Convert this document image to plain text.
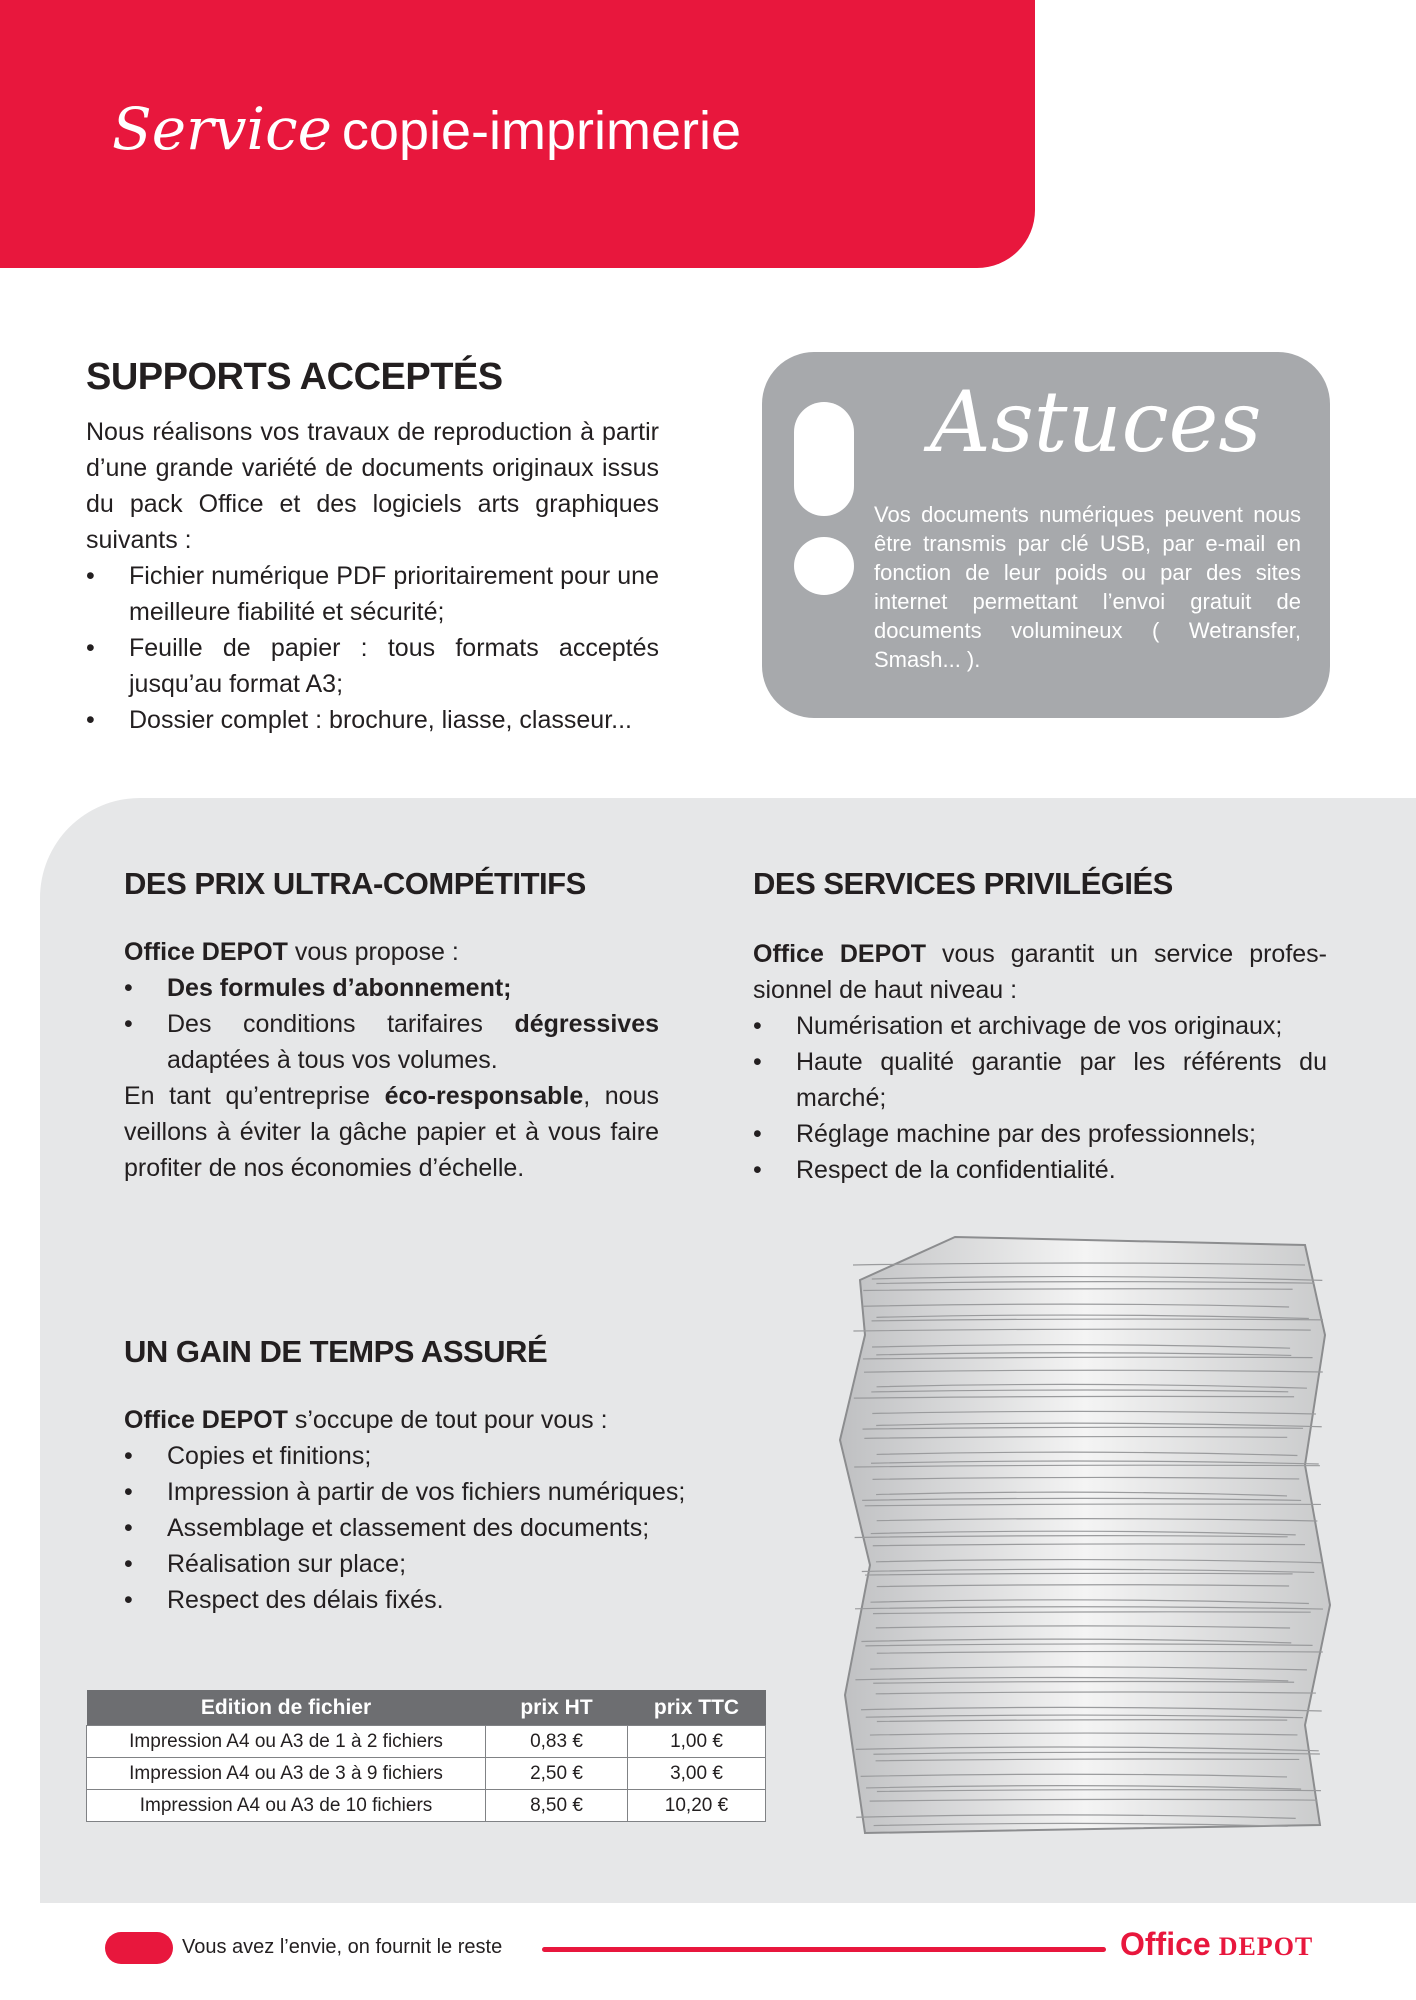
Service copie-imprimerie
SUPPORTS ACCEPTÉS
Nous réalisons vos travaux de reproduction à partir d’une grande variété de documents originaux issus du pack Office et des logiciels arts graphiques suivants :
• Fichier numérique PDF prioritairement pour une meilleure fiabilité et sécurité;
• Feuille de papier : tous formats acceptés jusqu’au format A3;
• Dossier complet : brochure, liasse, classeur...
Astuces
Vos documents numériques peuvent nous être transmis par clé USB, par e-mail en fonction de leur poids ou par des sites internet permettant l’envoi gratuit de documents volumineux ( Wetransfer, Smash... ).
DES PRIX ULTRA-COMPÉTITIFS
Office DEPOT vous propose :
• Des formules d’abonnement;
• Des conditions tarifaires dégressives adaptées à tous vos volumes.
En tant qu’entreprise éco-responsable, nous veillons à éviter la gâche papier et à vous faire profiter de nos économies d’échelle.
DES SERVICES PRIVILÉGIÉS
Office DEPOT vous garantit un service professionnel de haut niveau :
• Numérisation et archivage de vos originaux;
• Haute qualité garantie par les référents du marché;
• Réglage machine par des professionnels;
• Respect de la confidentialité.
UN GAIN DE TEMPS ASSURÉ
Office DEPOT s’occupe de tout pour vous :
• Copies et finitions;
• Impression à partir de vos fichiers numériques;
• Assemblage et classement des documents;
• Réalisation sur place;
• Respect des délais fixés.
Edition de fichier	prix HT	prix TTC
Impression A4 ou A3 de 1 à 2 fichiers	0,83 €	1,00 €
Impression A4 ou A3 de 3 à 9 fichiers	2,50 €	3,00 €
Impression A4 ou A3 de 10 fichiers	8,50 €	10,20 €
Vous avez l’envie, on fournit le reste	Office DEPOT
